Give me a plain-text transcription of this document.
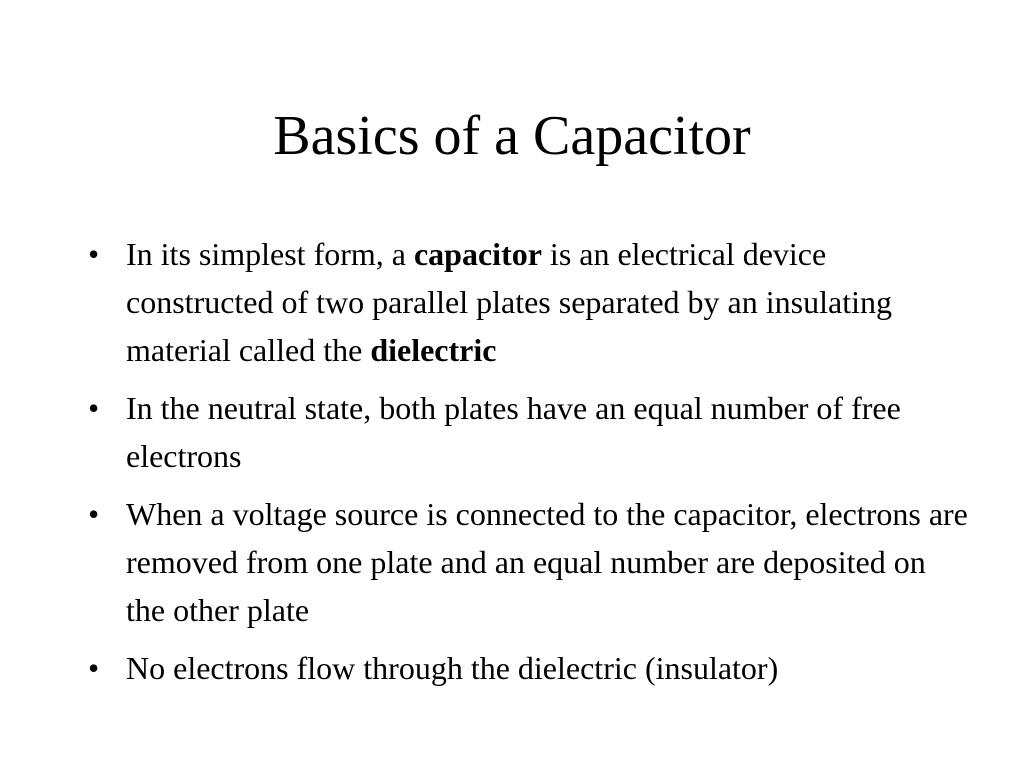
Basics of a Capacitor
• In its simplest form, a capacitor is an electrical device constructed of two parallel plates separated by an insulating material called the dielectric
• In the neutral state, both plates have an equal number of free electrons
• When a voltage source is connected to the capacitor, electrons are removed from one plate and an equal number are deposited on the other plate
• No electrons flow through the dielectric (insulator)
